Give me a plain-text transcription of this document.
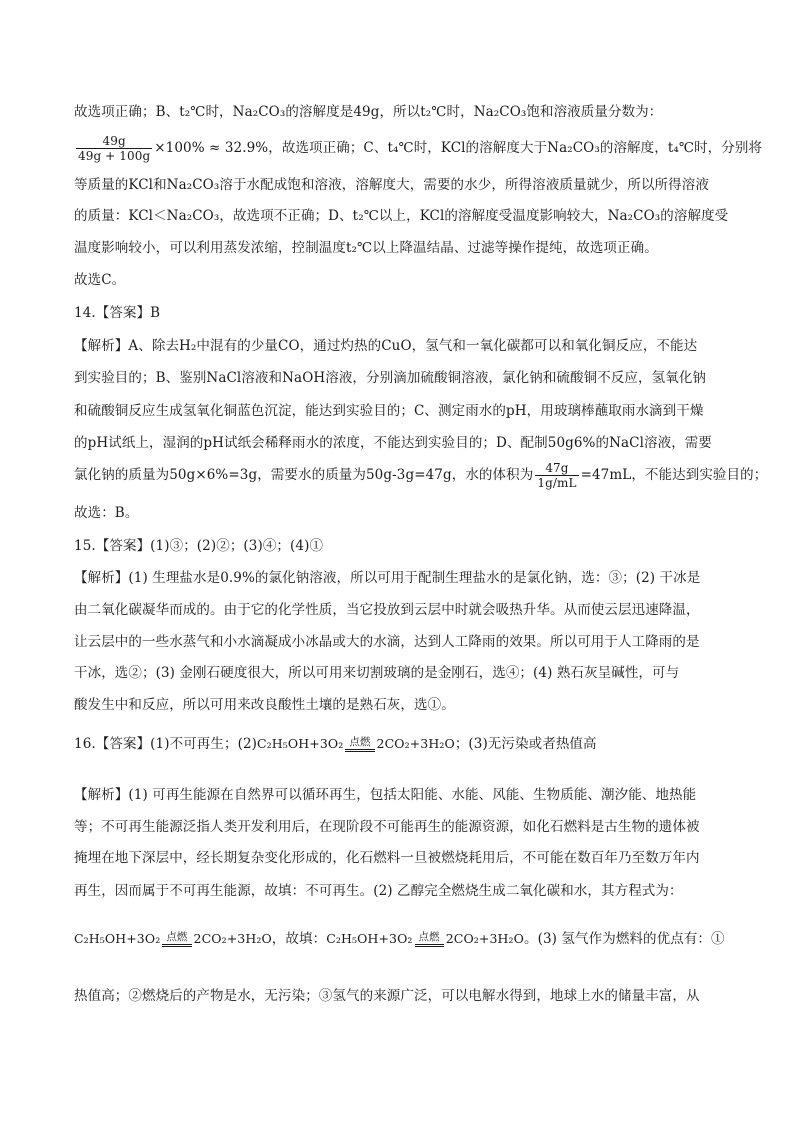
故选项正确；B、t₂℃时，Na₂CO₃的溶解度是49g，所以t₂℃时，Na₂CO₃饱和溶液质量分数为：
$\frac{49g}{49g + 100g} \times 100\% \approx 32.9\%$，故选项正确；C、t₄℃时，KCl的溶解度大于Na₂CO₃的溶解度，t₄℃时，分别将
等质量的KCl和Na₂CO₃溶于水配成饱和溶液，溶解度大，需要的水少，所得溶液质量就少，所以所得溶液
的质量：KCl＜Na₂CO₃，故选项不正确；D、t₂℃以上，KCl的溶解度受温度影响较大，Na₂CO₃的溶解度受
温度影响较小，可以利用蒸发浓缩，控制温度t₂℃以上降温结晶、过滤等操作提纯，故选项正确。
故选C。
14.【答案】B
【解析】A、除去H₂中混有的少量CO，通过灼热的CuO，氢气和一氧化碳都可以和氧化铜反应，不能达
到实验目的；B、鉴别NaCl溶液和NaOH溶液，分别滴加硫酸铜溶液，氯化钠和硫酸铜不反应，氢氧化钠
和硫酸铜反应生成氢氧化铜蓝色沉淀，能达到实验目的；C、测定雨水的pH，用玻璃棒蘸取雨水滴到干燥
的pH试纸上，湿润的pH试纸会稀释雨水的浓度，不能达到实验目的；D、配制50g6%的NaCl溶液，需要
氯化钠的质量为50g×6%=3g，需要水的质量为50g-3g=47g，水的体积为 $\frac{47g}{1g/mL} =47mL$，不能达到实验目的；
故选：B。
15.【答案】(1)③；(2)②；(3)④；(4)①
【解析】(1) 生理盐水是0.9%的氯化钠溶液，所以可用于配制生理盐水的是氯化钠，选：③；(2) 干冰是
由二氧化碳凝华而成的。由于它的化学性质，当它投放到云层中时就会吸热升华。从而使云层迅速降温，
让云层中的一些水蒸气和小水滴凝成小冰晶或大的水滴，达到人工降雨的效果。所以可用于人工降雨的是
干冰，选②；(3) 金刚石硬度很大，所以可用来切割玻璃的是金刚石，选④；(4) 熟石灰呈碱性，可与
酸发生中和反应，所以可用来改良酸性土壤的是熟石灰，选①。
16.【答案】(1)不可再生；(2)C₂H₅OH+3O₂ 点燃 2CO₂+3H₂O；(3)无污染或者热值高
【解析】(1) 可再生能源在自然界可以循环再生，包括太阳能、水能、风能、生物质能、潮汐能、地热能
等；不可再生能源泛指人类开发利用后，在现阶段不可能再生的能源资源，如化石燃料是古生物的遗体被
掩埋在地下深层中，经长期复杂变化形成的，化石燃料一旦被燃烧耗用后，不可能在数百年乃至数万年内
再生，因而属于不可再生能源，故填：不可再生。(2) 乙醇完全燃烧生成二氧化碳和水，其方程式为：
C₂H₅OH+3O₂ 点燃 2CO₂+3H₂O，故填：C₂H₅OH+3O₂ 点燃 2CO₂+3H₂O。(3) 氢气作为燃料的优点有：①
热值高；②燃烧后的产物是水，无污染；③氢气的来源广泛，可以电解水得到，地球上水的储量丰富，从
